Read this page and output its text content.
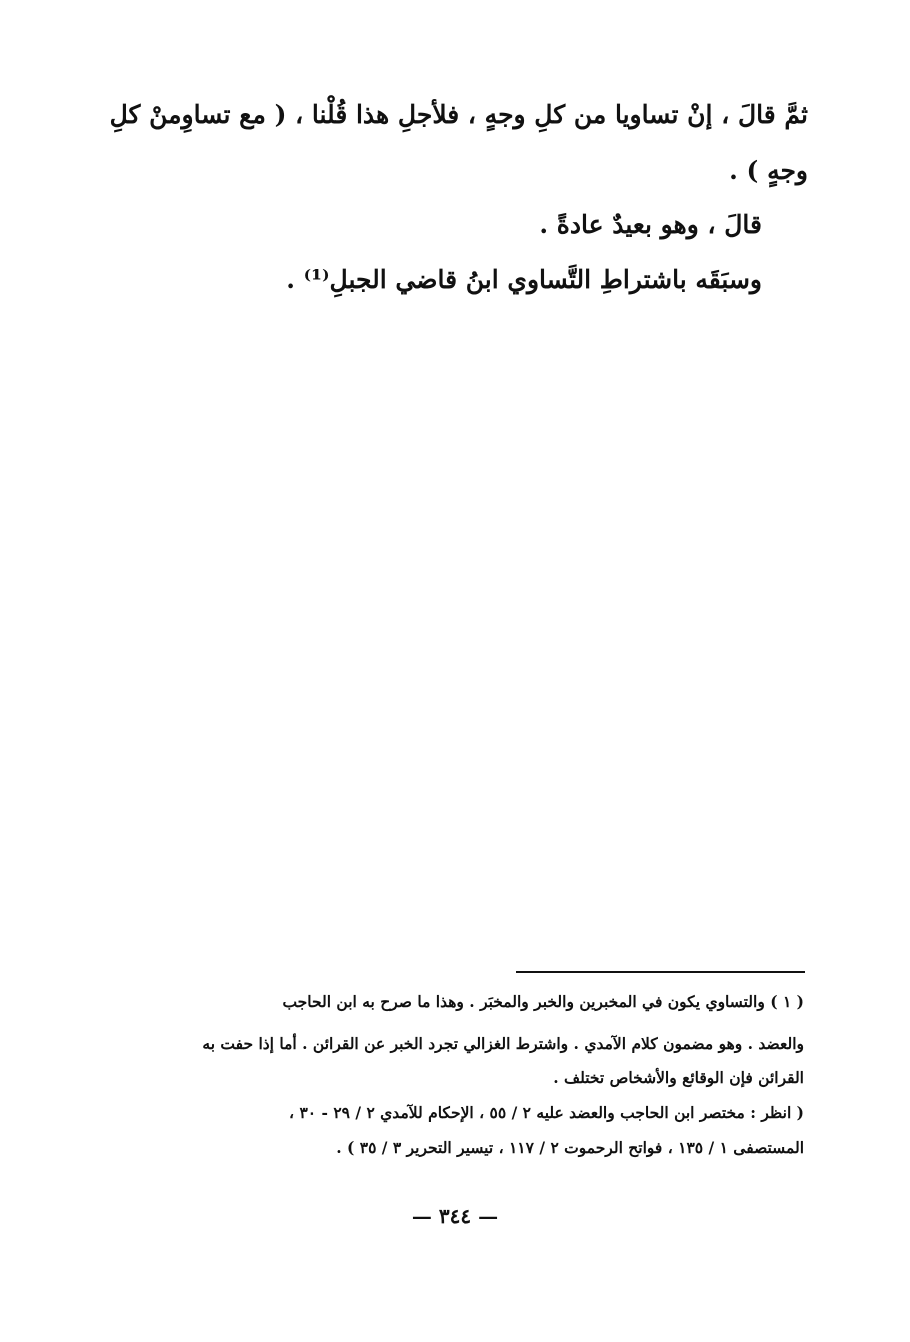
ثمَّ قالَ ، إنْ تساويا من كلِ وجهٍ ، فلأجلِ هذا قُلْنا ، ( مع تساوِمنْ كلِ
وجهٍ ) .
قالَ ، وهو بعيدٌ عادةً .
وسبَقَه باشتراطِ التَّساوي ابنُ قاضي الجبلِ⁽¹⁾ .
( ١ ) والتساوي يكون في المخبرين والخبر والمخبَر . وهذا ما صرح به ابن الحاجب
والعضد . وهو مضمون كلام الآمدي . واشترط الغزالي تجرد الخبر عن القرائن . أما إذا حفت به
القرائن فإن الوقائع والأشخاص تختلف .
( انظر : مختصر ابن الحاجب والعضد عليه ٢ / ٥٥ ، الإحكام للآمدي ٢ / ٢٩ - ٣٠ ،
المستصفى ١ / ١٣٥ ، فواتح الرحموت ٢ / ١١٧ ، تيسير التحرير ٣ / ٣٥ ) .
— ٣٤٤ —
